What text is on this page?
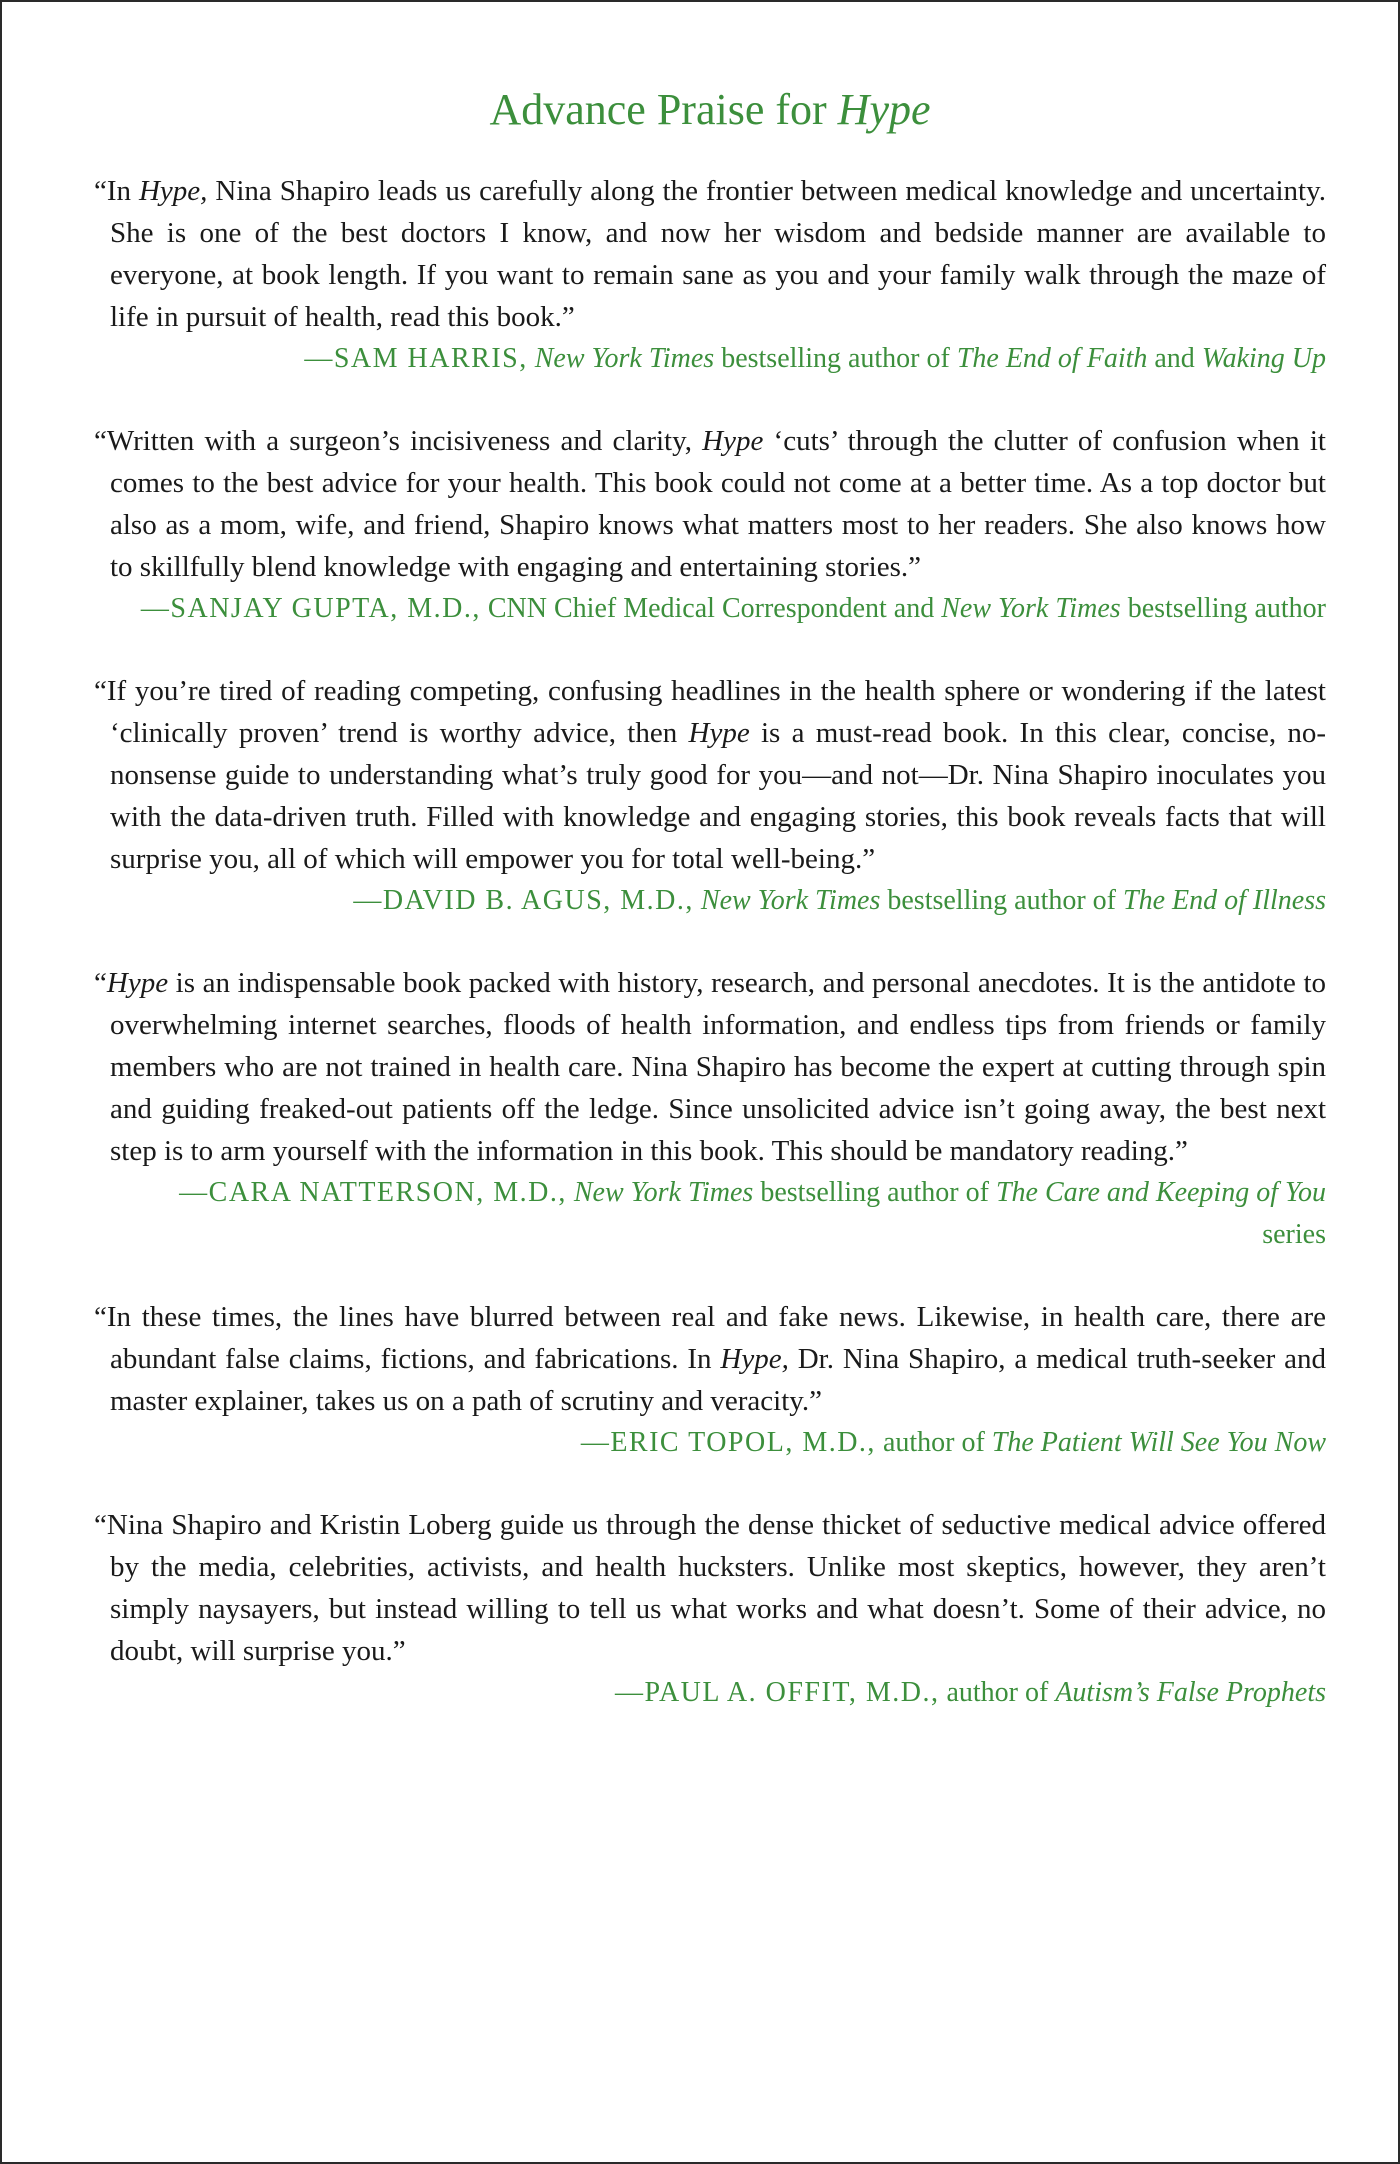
Advance Praise for Hype

“In Hype, Nina Shapiro leads us carefully along the frontier between medical knowledge and uncertainty. She is one of the best doctors I know, and now her wisdom and bedside manner are available to everyone, at book length. If you want to remain sane as you and your family walk through the maze of life in pursuit of health, read this book.”

—SAM HARRIS, New York Times bestselling author of The End of Faith and Waking Up

“Written with a surgeon’s incisiveness and clarity, Hype ‘cuts’ through the clutter of confusion when it comes to the best advice for your health. This book could not come at a better time. As a top doctor but also as a mom, wife, and friend, Shapiro knows what matters most to her readers. She also knows how to skillfully blend knowledge with engaging and entertaining stories.”

—SANJAY GUPTA, M.D., CNN Chief Medical Correspondent and New York Times bestselling author

“If you’re tired of reading competing, confusing headlines in the health sphere or wondering if the latest ‘clinically proven’ trend is worthy advice, then Hype is a must-read book. In this clear, concise, no-nonsense guide to understanding what’s truly good for you—and not—Dr. Nina Shapiro inoculates you with the data-driven truth. Filled with knowledge and engaging stories, this book reveals facts that will surprise you, all of which will empower you for total well-being.”

—DAVID B. AGUS, M.D., New York Times bestselling author of The End of Illness

“Hype is an indispensable book packed with history, research, and personal anecdotes. It is the antidote to overwhelming internet searches, floods of health information, and endless tips from friends or family members who are not trained in health care. Nina Shapiro has become the expert at cutting through spin and guiding freaked-out patients off the ledge. Since unsolicited advice isn’t going away, the best next step is to arm yourself with the information in this book. This should be mandatory reading.”

—CARA NATTERSON, M.D., New York Times bestselling author of The Care and Keeping of You series

“In these times, the lines have blurred between real and fake news. Likewise, in health care, there are abundant false claims, fictions, and fabrications. In Hype, Dr. Nina Shapiro, a medical truth-seeker and master explainer, takes us on a path of scrutiny and veracity.”

—ERIC TOPOL, M.D., author of The Patient Will See You Now

“Nina Shapiro and Kristin Loberg guide us through the dense thicket of seductive medical advice offered by the media, celebrities, activists, and health hucksters. Unlike most skeptics, however, they aren’t simply naysayers, but instead willing to tell us what works and what doesn’t. Some of their advice, no doubt, will surprise you.”

—PAUL A. OFFIT, M.D., author of Autism’s False Prophets
